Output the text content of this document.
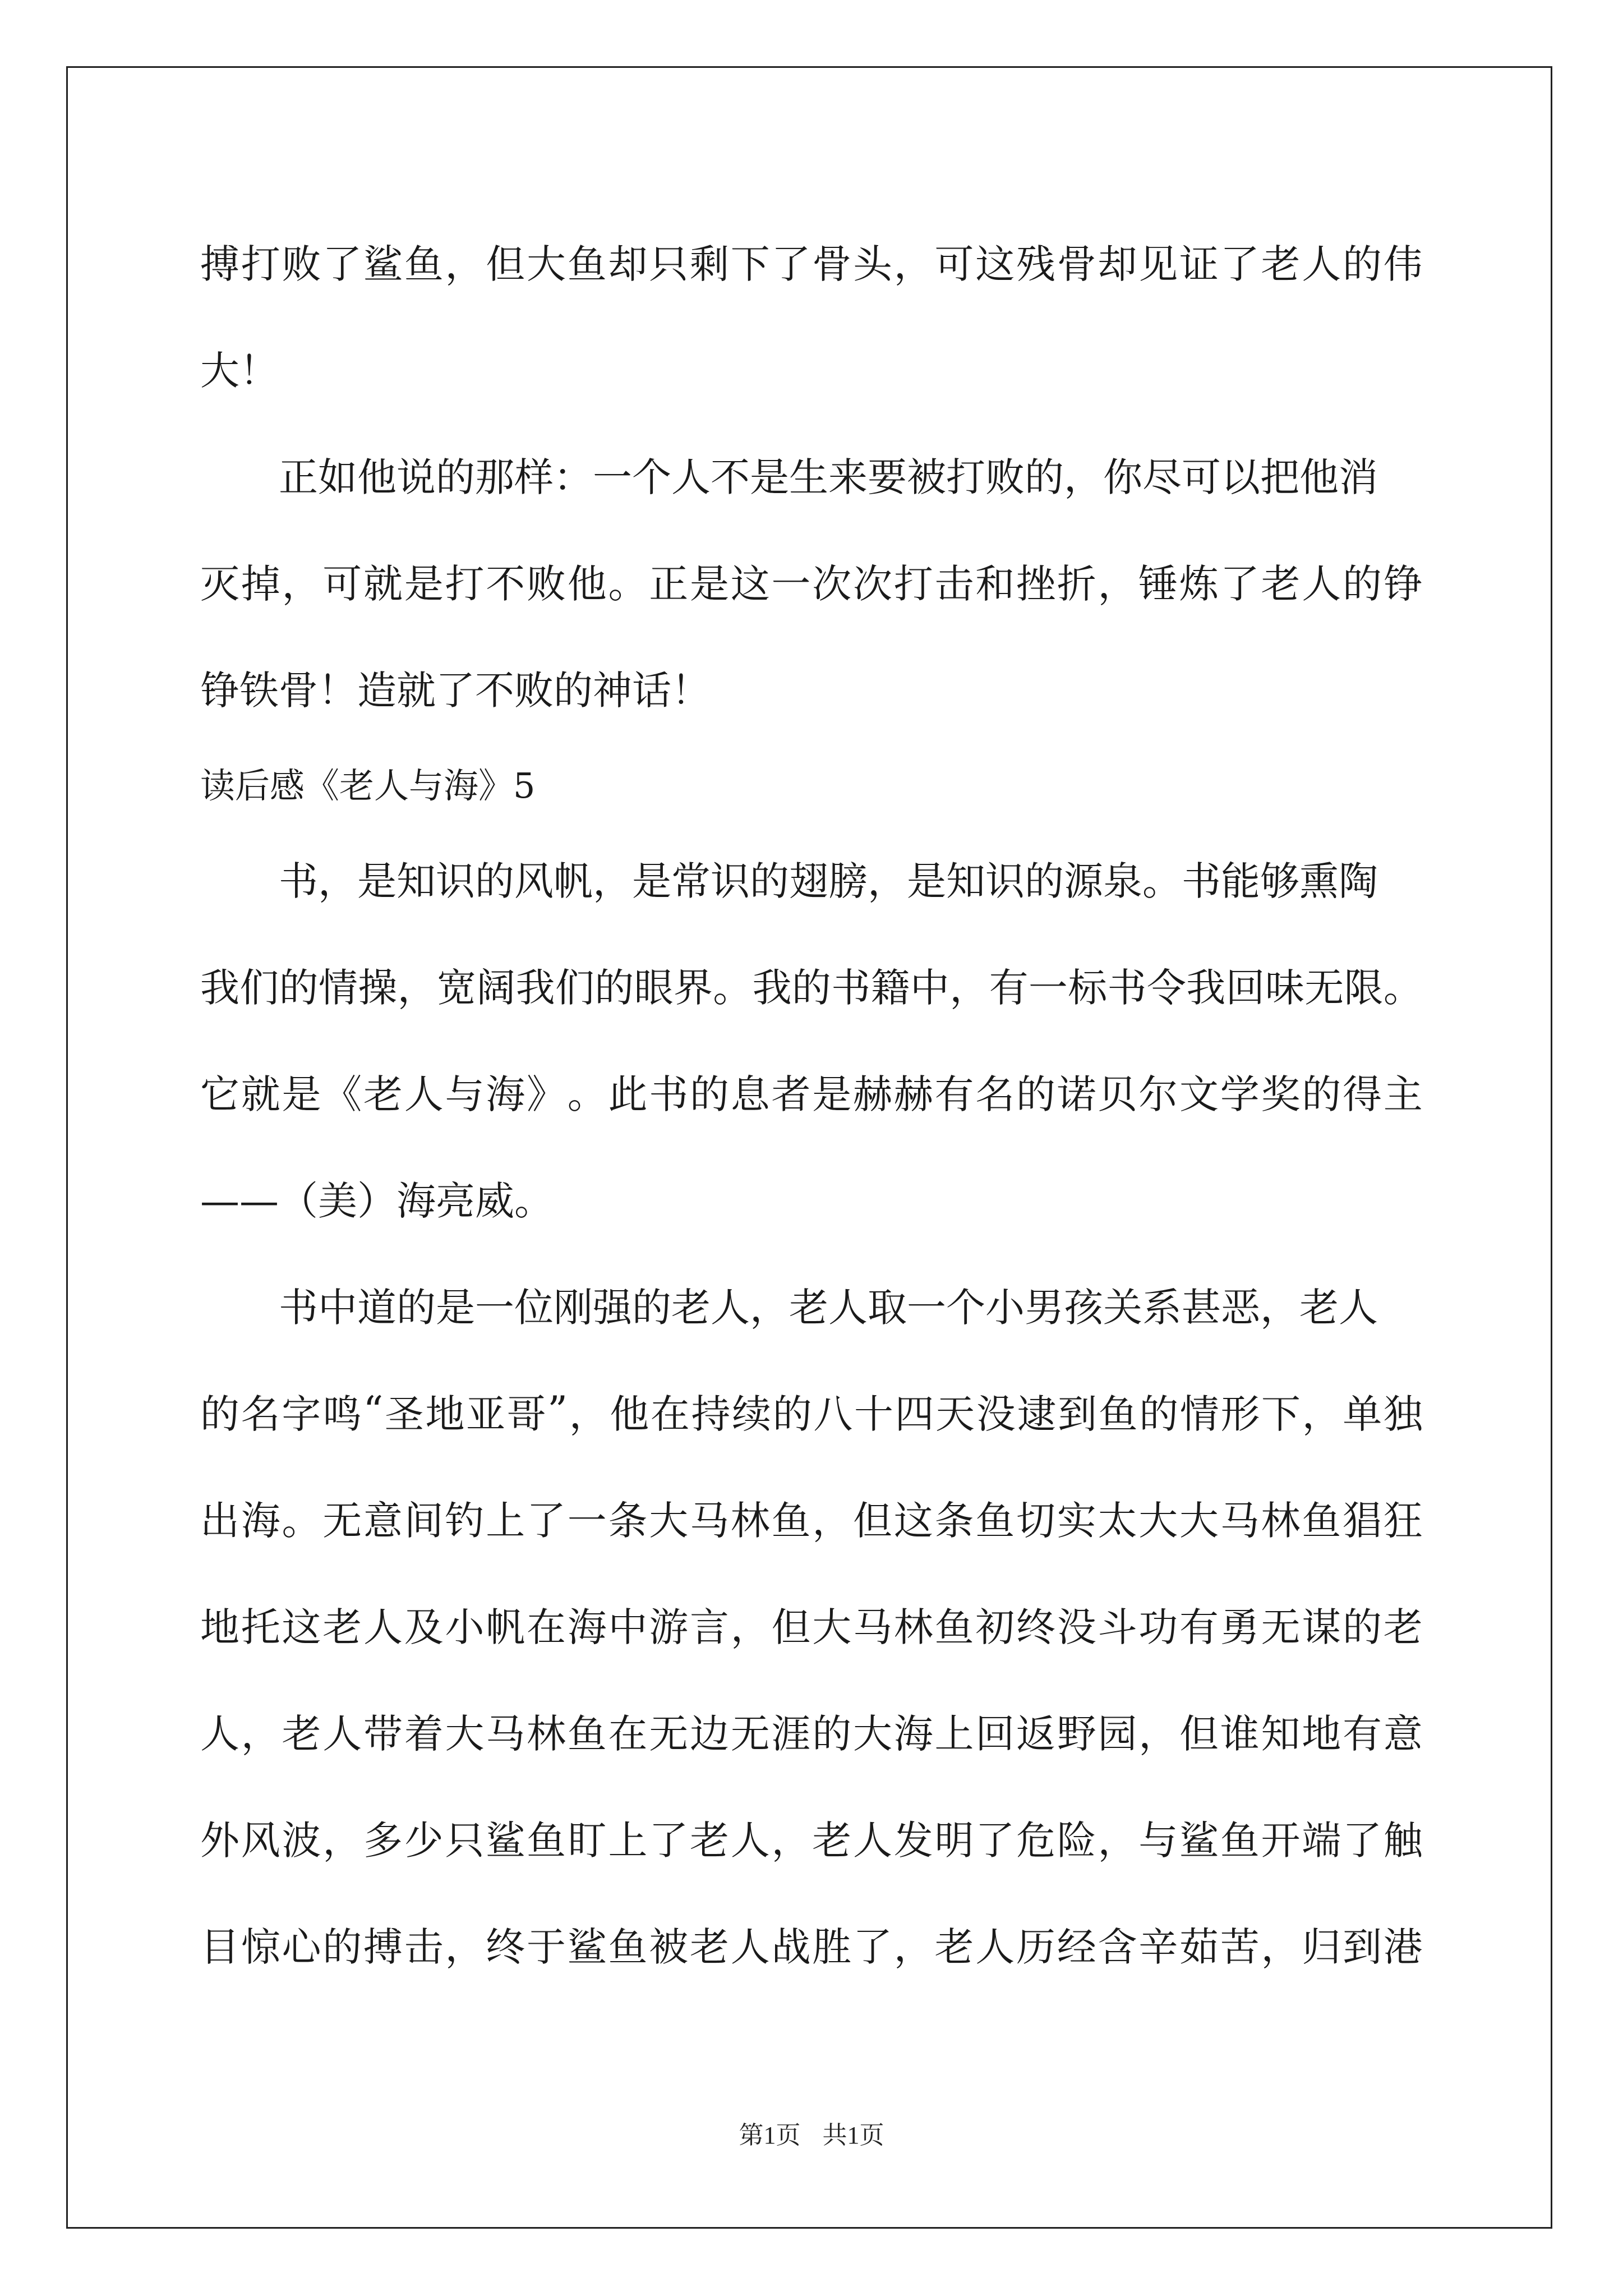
搏 打 败 了 鲨 鱼 ， 但 大 鱼 却 只 剩 下 了 骨 头 ， 可 这 残 骨 却 见 证 了 老 人 的 伟
大！
正如他说的那样：一个人不是生来要被打败的，你尽可以把他消
灭 掉 ， 可 就 是 打 不 败 他 。 正 是 这 一 次 次 打 击 和 挫 折 ， 锤 炼 了 老 人 的 铮
铮铁骨！造就了不败的神话！
读后感《老人与海》5
书，是知识的风帆，是常识的翅膀，是知识的源泉。书能够熏陶
我 们 的 情 操 ， 宽 阔 我 们 的 眼 界 。 我 的 书 籍 中 ， 有 一 标 书 令 我 回 味 无 限 。
它 就 是 《 老 人 与 海 》 。 此 书 的 息 者 是 赫 赫 有 名 的 诺 贝 尔 文 学 奖 的 得 主
——（美）海亮威。
书中道的是一位刚强的老人，老人取一个小男孩关系甚恶，老人
的 名 字 鸣 “ 圣 地 亚 哥 ” ， 他 在 持 续 的 八 十 四 天 没 逮 到 鱼 的 情 形 下 ， 单 独
出 海 。 无 意 间 钓 上 了 一 条 大 马 林 鱼 ， 但 这 条 鱼 切 实 太 大 大 马 林 鱼 猖 狂
地 托 这 老 人 及 小 帆 在 海 中 游 言 ， 但 大 马 林 鱼 初 终 没 斗 功 有 勇 无 谋 的 老
人 ， 老 人 带 着 大 马 林 鱼 在 无 边 无 涯 的 大 海 上 回 返 野 园 ， 但 谁 知 地 有 意
外 风 波 ， 多 少 只 鲨 鱼 盯 上 了 老 人 ， 老 人 发 明 了 危 险 ， 与 鲨 鱼 开 端 了 触
目 惊 心 的 搏 击 ， 终 于 鲨 鱼 被 老 人 战 胜 了 ， 老 人 历 经 含 辛 茹 苦 ， 归 到 港
第1页 共1页
